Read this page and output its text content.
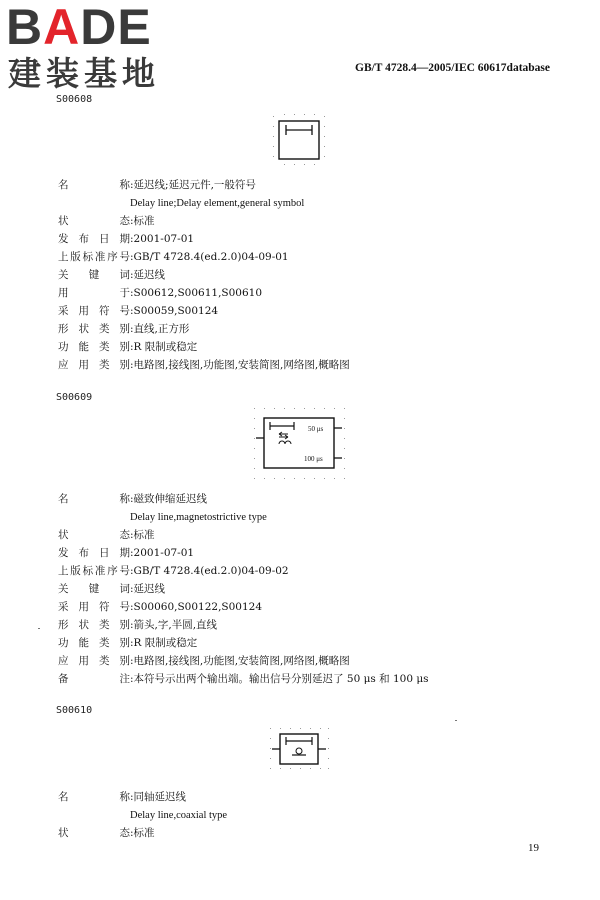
BADE
建装基地	GB/T 4728.4—2005/IEC 60617database
S00608
名称:延迟线;延迟元件,一般符号
Delay line;Delay element,general symbol
状态:标准
发布日期:2001-07-01
上版标准序号:GB/T 4728.4(ed.2.0)04-09-01
关键词:延迟线
用于:S00612,S00611,S00610
采用符号:S00059,S00124
形状类别:直线,正方形
功能类别:R 限制或稳定
应用类别:电路图,接线图,功能图,安装简图,网络图,概略图
S00609
50 μs
100 μs
名称:磁致伸缩延迟线
Delay line,magnetostrictive type
状态:标准
发布日期:2001-07-01
上版标准序号:GB/T 4728.4(ed.2.0)04-09-02
关键词:延迟线
采用符号:S00060,S00122,S00124
形状类别:箭头,字,半圆,直线
功能类别:R 限制或稳定
应用类别:电路图,接线图,功能图,安装简图,网络图,概略图
备注:本符号示出两个输出端。输出信号分别延迟了 50 μs 和 100 μs
S00610
名称:同轴延迟线
Delay line,coaxial type
状态:标准
19
